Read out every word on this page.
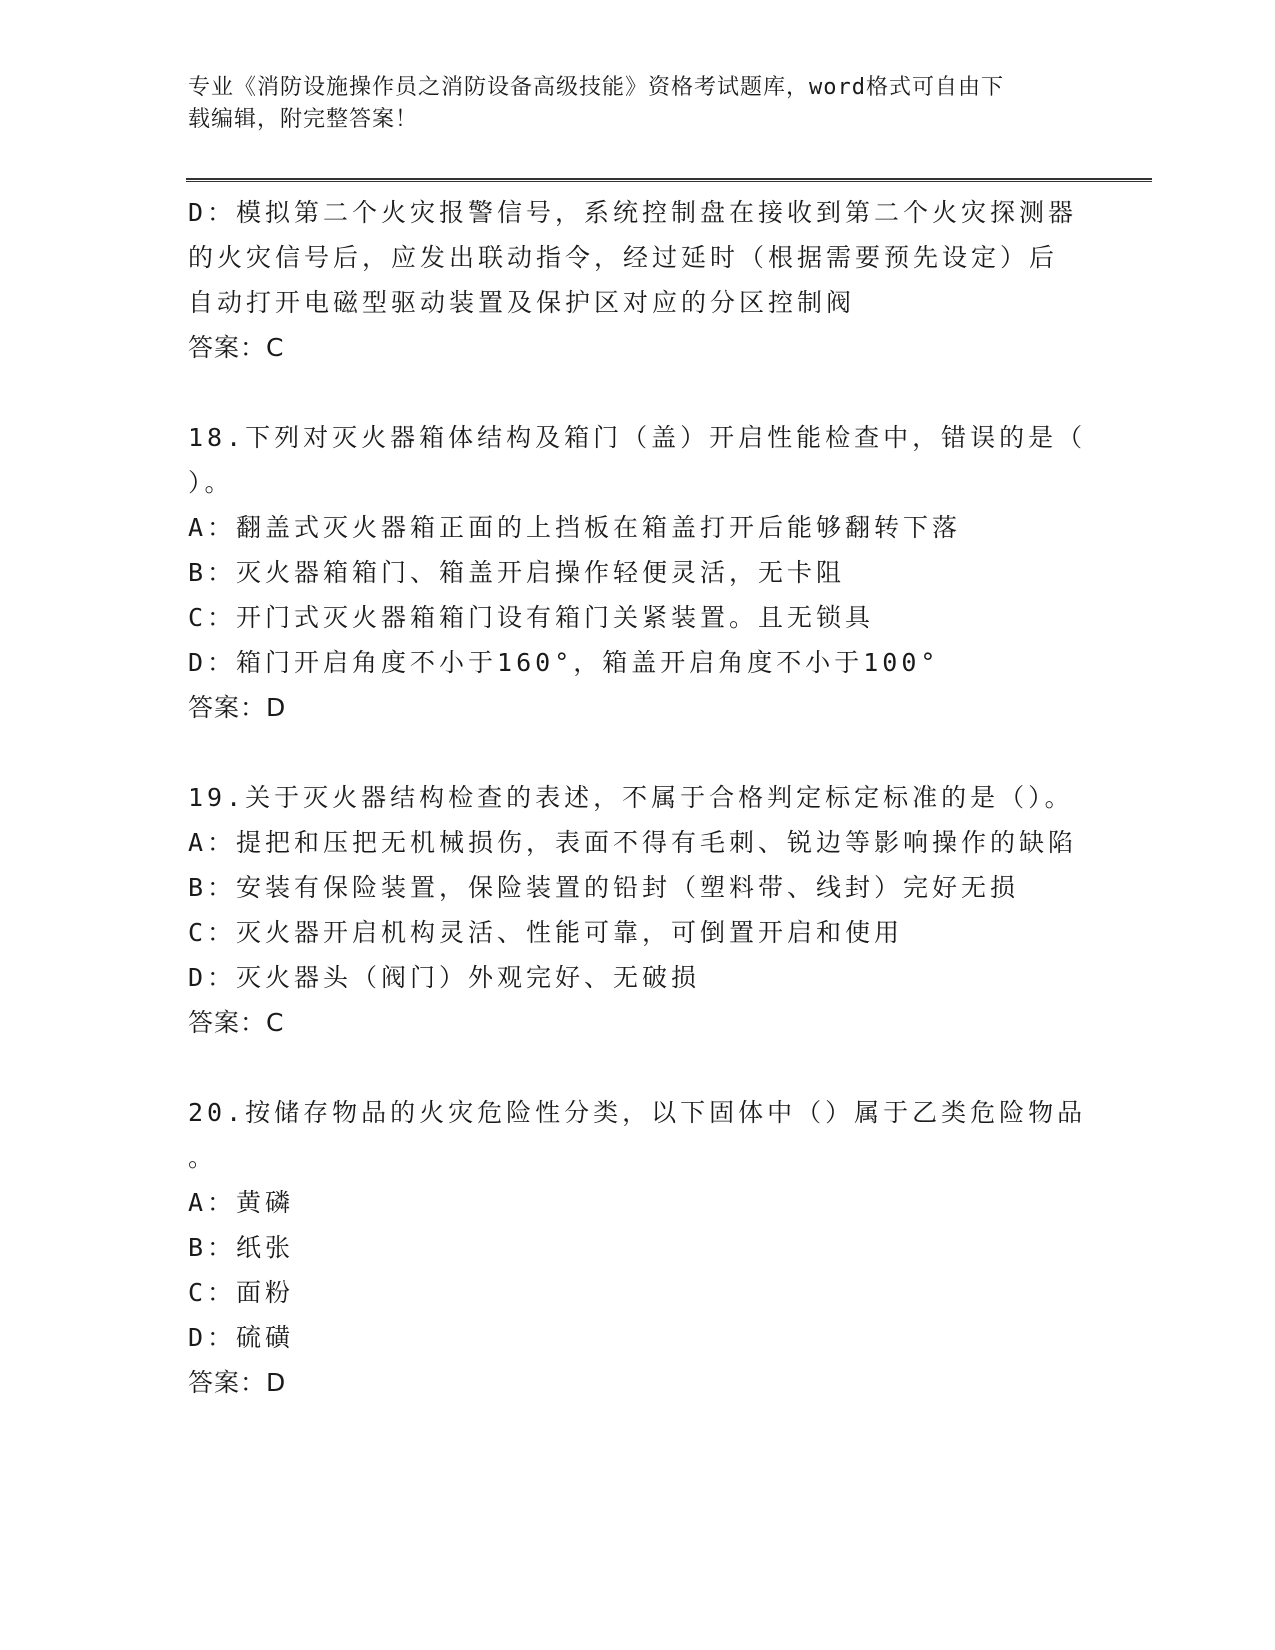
专业《消防设施操作员之消防设备高级技能》资格考试题库，word格式可自由下
载编辑，附完整答案！
D：模拟第二个火灾报警信号，系统控制盘在接收到第二个火灾探测器
的火灾信号后，应发出联动指令，经过延时（根据需要预先设定）后
自动打开电磁型驱动装置及保护区对应的分区控制阀
答案：C
18.下列对灭火器箱体结构及箱门（盖）开启性能检查中，错误的是（
）。
A：翻盖式灭火器箱正面的上挡板在箱盖打开后能够翻转下落
B：灭火器箱箱门、箱盖开启操作轻便灵活，无卡阻
C：开门式灭火器箱箱门设有箱门关紧装置。且无锁具
D：箱门开启角度不小于160°，箱盖开启角度不小于100°
答案：D
19.关于灭火器结构检查的表述，不属于合格判定标定标准的是（）。
A：提把和压把无机械损伤，表面不得有毛刺、锐边等影响操作的缺陷
B：安装有保险装置，保险装置的铅封（塑料带、线封）完好无损
C：灭火器开启机构灵活、性能可靠，可倒置开启和使用
D：灭火器头（阀门）外观完好、无破损
答案：C
20.按储存物品的火灾危险性分类，以下固体中（）属于乙类危险物品
。
A：黄磷
B：纸张
C：面粉
D：硫磺
答案：D
